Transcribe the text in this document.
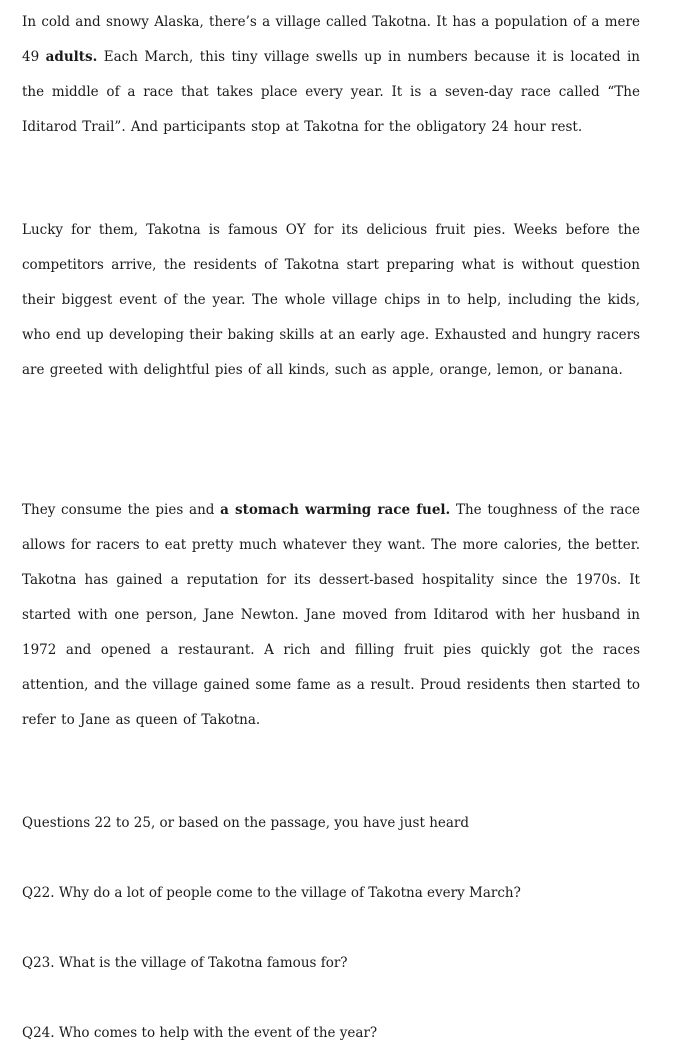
In cold and snowy Alaska, there’s a village called Takotna. It has a population of a mere 49 adults. Each March, this tiny village swells up in numbers because it is located in the middle of a race that takes place every year. It is a seven-day race called “The Iditarod Trail”. And participants stop at Takotna for the obligatory 24 hour rest.

Lucky for them, Takotna is famous OY for its delicious fruit pies. Weeks before the competitors arrive, the residents of Takotna start preparing what is without question their biggest event of the year. The whole village chips in to help, including the kids, who end up developing their baking skills at an early age. Exhausted and hungry racers are greeted with delightful pies of all kinds, such as apple, orange, lemon, or banana.

They consume the pies and a stomach warming race fuel. The toughness of the race allows for racers to eat pretty much whatever they want. The more calories, the better. Takotna has gained a reputation for its dessert-based hospitality since the 1970s. It started with one person, Jane Newton. Jane moved from Iditarod with her husband in 1972 and opened a restaurant. A rich and filling fruit pies quickly got the races attention, and the village gained some fame as a result. Proud residents then started to refer to Jane as queen of Takotna.

Questions 22 to 25, or based on the passage, you have just heard

Q22. Why do a lot of people come to the village of Takotna every March?

Q23. What is the village of Takotna famous for?

Q24. Who comes to help with the event of the year?
